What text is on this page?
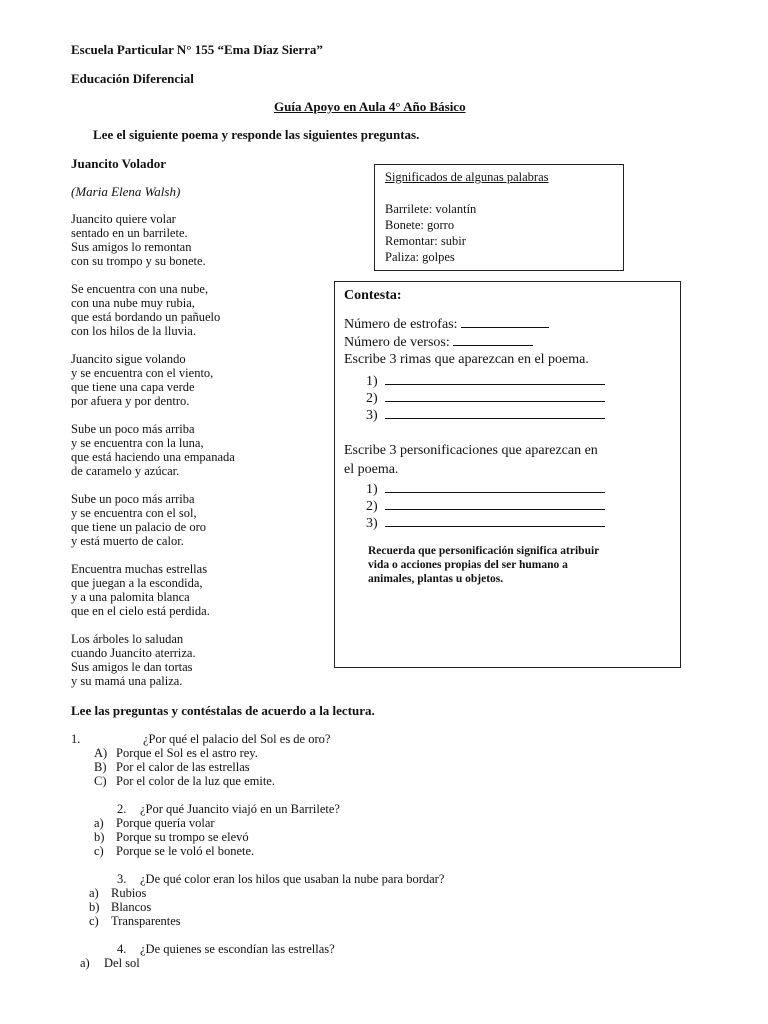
Escuela Particular N° 155 “Ema Díaz Sierra”
Educación Diferencial
Guía Apoyo en Aula 4° Año Básico
Lee el siguiente poema y responde las siguientes preguntas.
Juancito Volador
(Maria Elena Walsh)
Juancito quiere volar
sentado en un barrilete.
Sus amigos lo remontan
con su trompo y su bonete.
Se encuentra con una nube,
con una nube muy rubia,
que está bordando un pañuelo
con los hilos de la lluvia.
Juancito sigue volando
y se encuentra con el viento,
que tiene una capa verde
por afuera y por dentro.
Sube un poco más arriba
y se encuentra con la luna,
que está haciendo una empanada
de caramelo y azúcar.
Sube un poco más arriba
y se encuentra con el sol,
que tiene un palacio de oro
y está muerto de calor.
Encuentra muchas estrellas
que juegan a la escondida,
y a una palomita blanca
que en el cielo está perdida.
Los árboles lo saludan
cuando Juancito aterriza.
Sus amigos le dan tortas
y su mamá una paliza.
Significados de algunas palabras
Barrilete: volantín
Bonete: gorro
Remontar: subir
Paliza: golpes
Contesta:
Número de estrofas:
Número de versos:
Escribe 3 rimas que aparezcan en el poema.
1)
2)
3)
Escribe 3 personificaciones que aparezcan en
el poema.
1)
2)
3)
Recuerda que personificación significa atribuir
vida o acciones propias del ser humano a
animales, plantas u objetos.
Lee las preguntas y contéstalas de acuerdo a la lectura.
1.	¿Por qué el palacio del Sol es de oro?
A) Porque el Sol es el astro rey.
B) Por el calor de las estrellas
C) Por el color de la luz que emite.
2. ¿Por qué Juancito viajó en un Barrilete?
a) Porque quería volar
b) Porque su trompo se elevó
c) Porque se le voló el bonete.
3. ¿De qué color eran los hilos que usaban la nube para bordar?
a) Rubios
b) Blancos
c) Transparentes
4. ¿De quienes se escondían las estrellas?
a) Del sol
